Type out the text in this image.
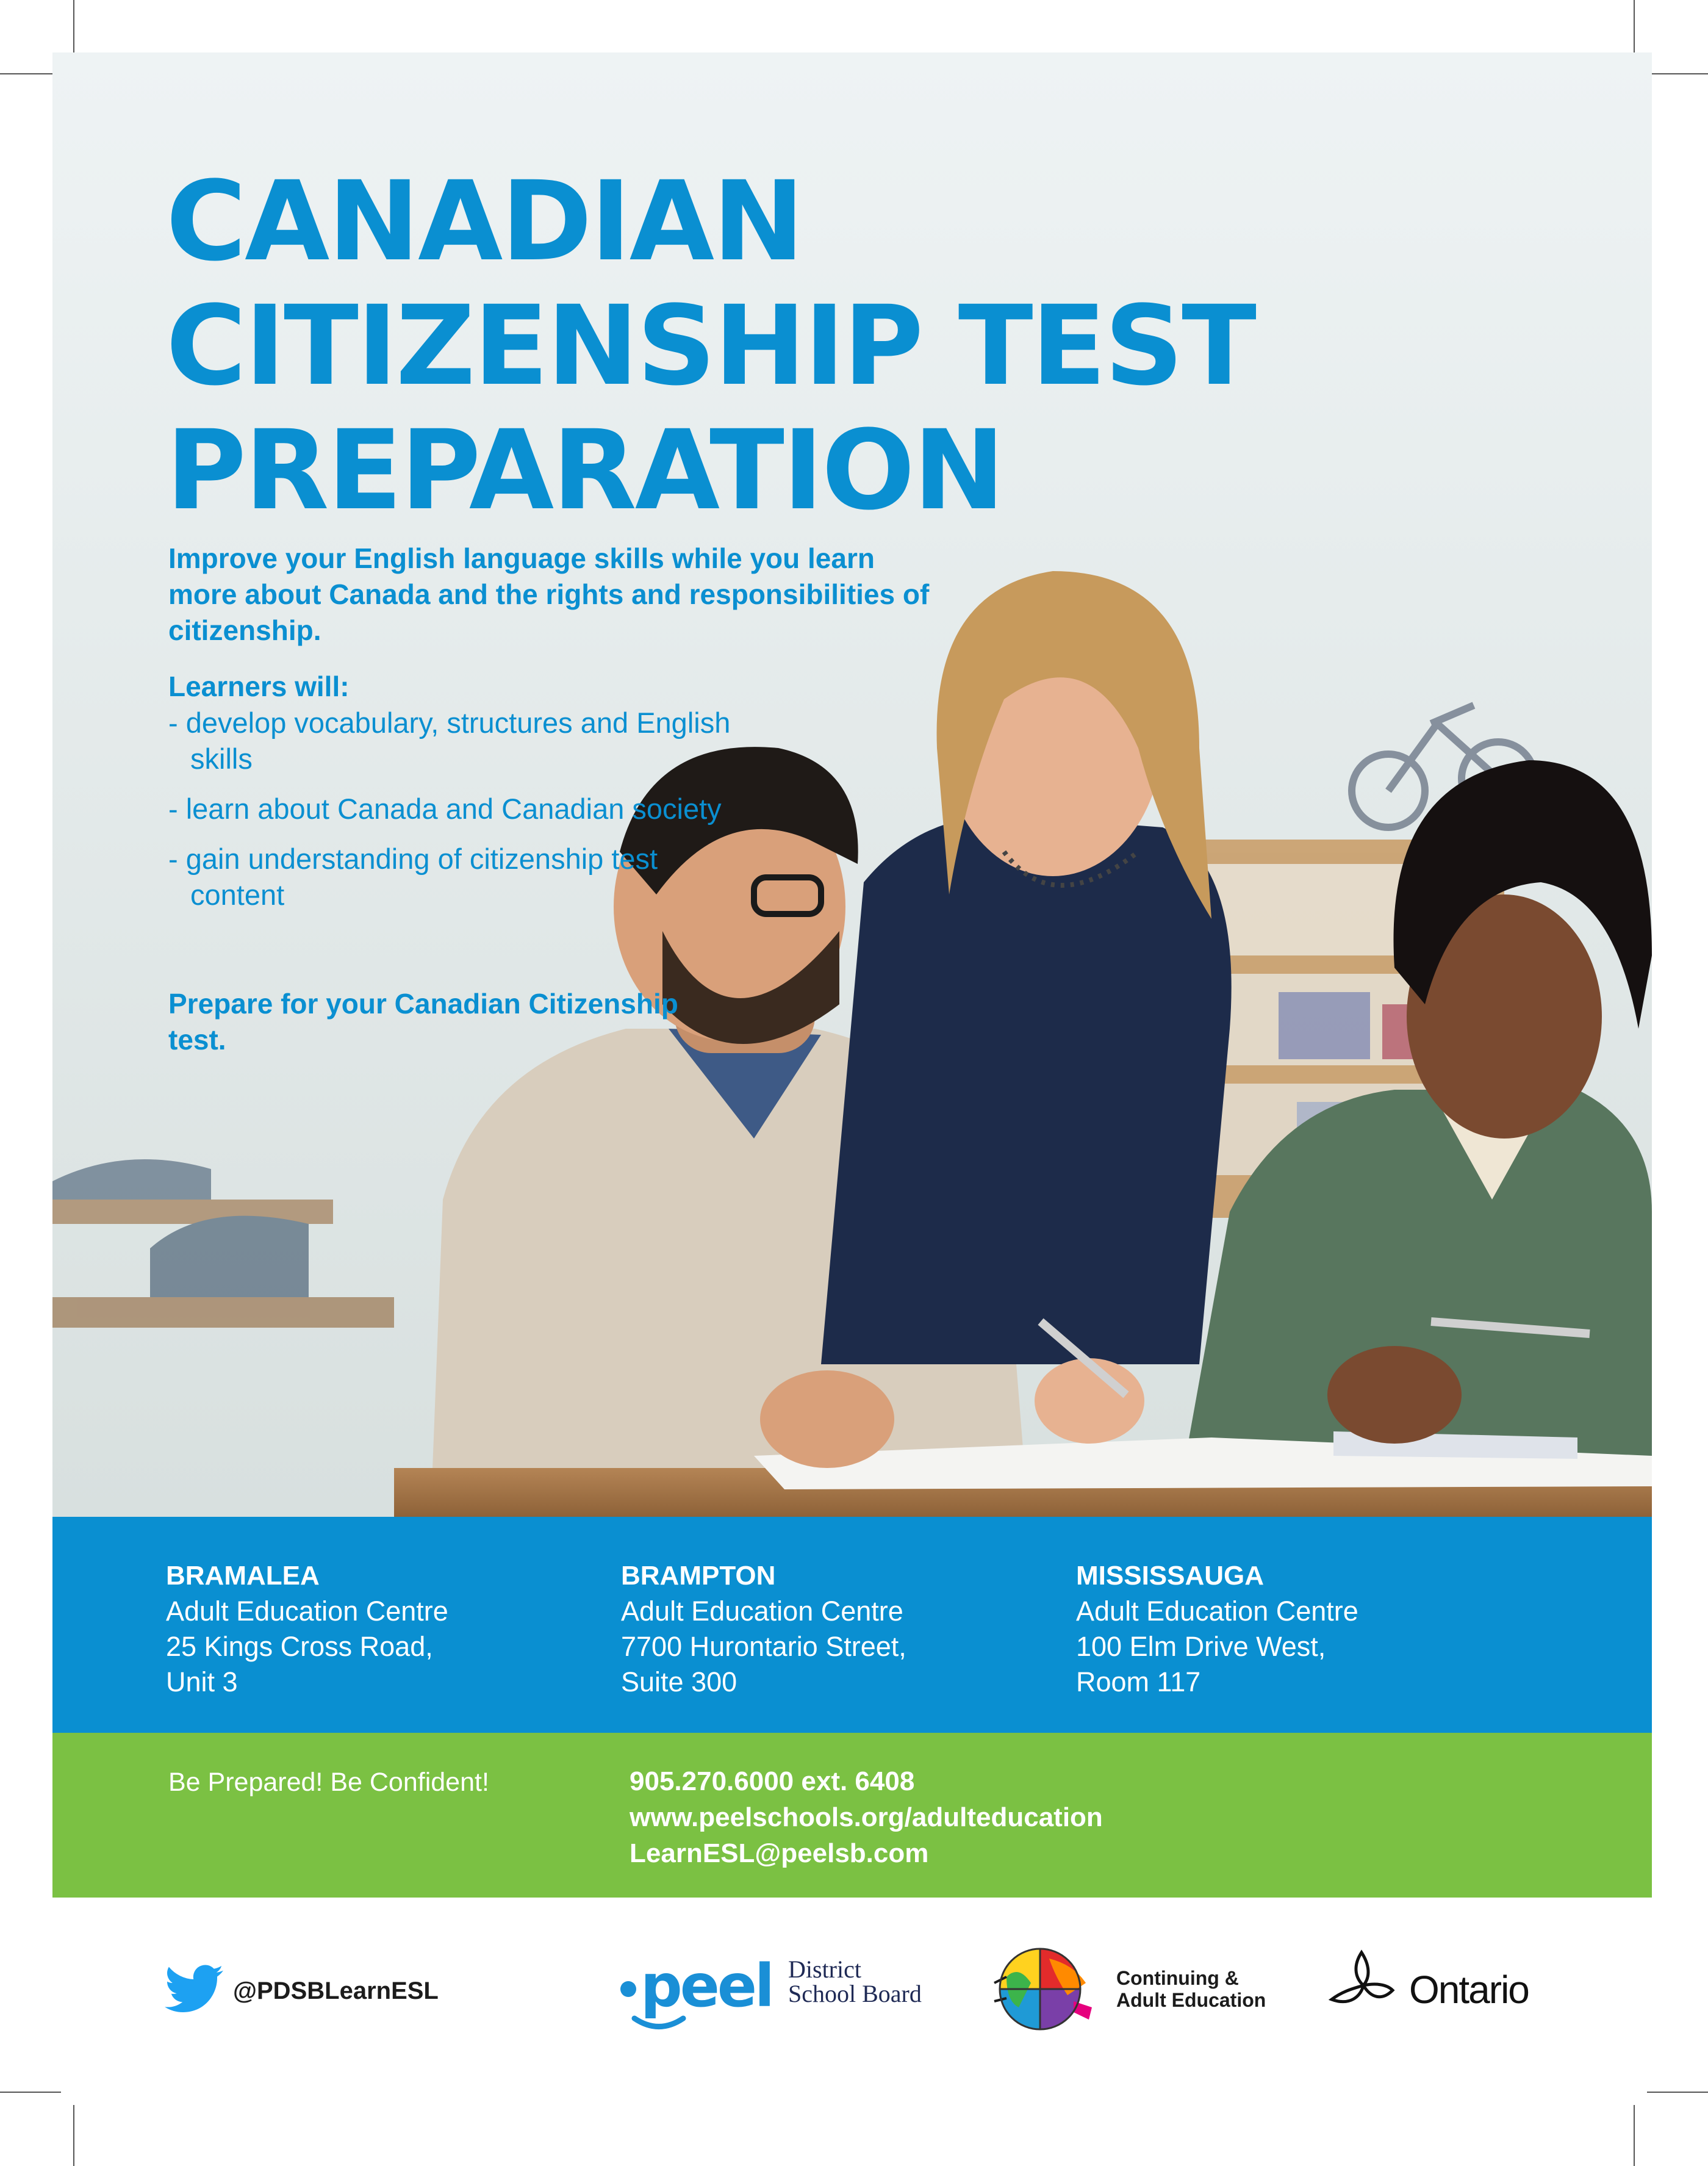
CANADIAN
CITIZENSHIP TEST
PREPARATION
Improve your English language skills while you learn more about Canada and the rights and responsibilities of citizenship.
Learners will:
- develop vocabulary, structures and English skills
- learn about Canada and Canadian society
- gain understanding of citizenship test content
Prepare for your Canadian Citizenship test.
BRAMALEA
Adult Education Centre
25 Kings Cross Road,
Unit 3
BRAMPTON
Adult Education Centre
7700 Hurontario Street,
Suite 300
MISSISSAUGA
Adult Education Centre
100 Elm Drive West,
Room 117
Be Prepared! Be Confident!	905.270.6000 ext. 6408
www.peelschools.org/adulteducation
LearnESL@peelsb.com
@PDSBLearnESL	peel District
School Board
Continuing &
Adult Education	Ontario
